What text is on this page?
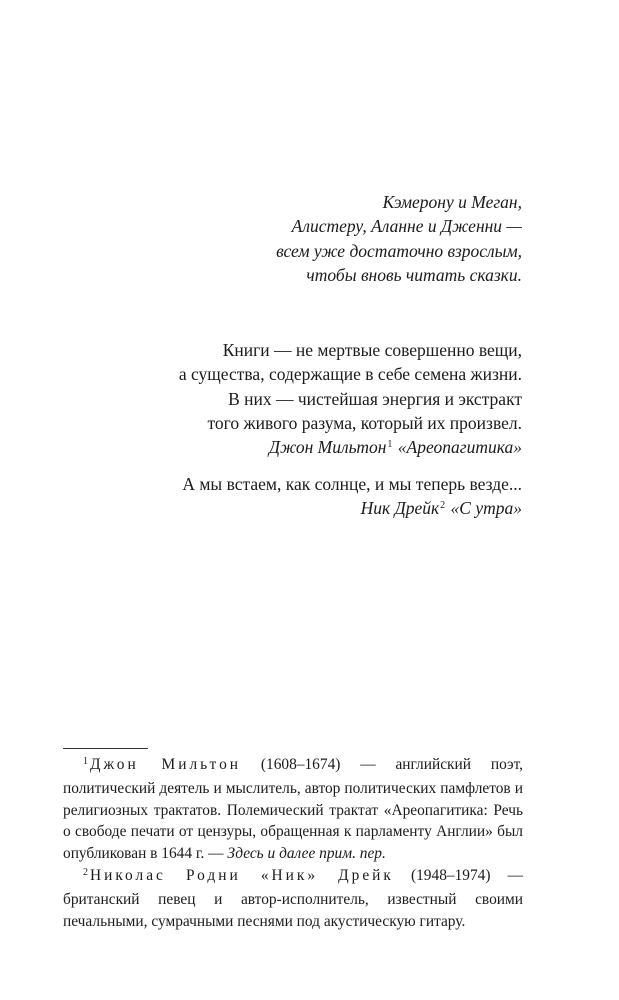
Кэмерону и Меган,
Алистеру, Аланне и Дженни —
всем уже достаточно взрослым,
чтобы вновь читать сказки.
Книги — не мертвые совершенно вещи,
а существа, содержащие в себе семена жизни.
В них — чистейшая энергия и экстракт
того живого разума, который их произвел.
Джон Мильтон$^1$ «Ареопагитика»
А мы встаем, как солнце, и мы теперь везде...
Ник Дрейк$^2$ «С утра»

$^1$ Джон Мильтон (1608–1674) — английский поэт, политический деятель и мыслитель, автор политических памфлетов и религиозных трактатов. Полемический трактат «Ареопагитика: Речь о свободе печати от цензуры, обращенная к парламенту Англии» был опубликован в 1644 г. — Здесь и далее прим. пер.

$^2$ Николас Родни «Ник» Дрейк (1948–1974) — британский певец и автор-исполнитель, известный своими печальными, сумрачными песнями под акустическую гитару.
